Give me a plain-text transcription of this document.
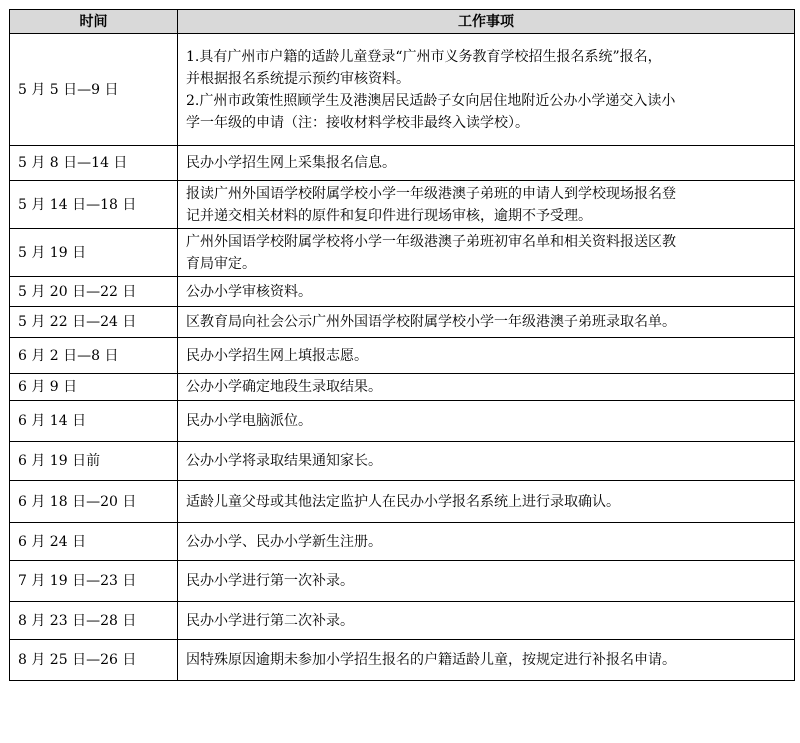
时间	工作事项
5 月 5 日—9 日	1.具有广州市户籍的适龄儿童登录“广州市义务教育学校招生报名系统”报名，
并根据报名系统提示预约审核资料。
2.广州市政策性照顾学生及港澳居民适龄子女向居住地附近公办小学递交入读小
学一年级的申请（注：接收材料学校非最终入读学校）。

5 月 8 日—14 日	民办小学招生网上采集报名信息。

5 月 14 日—18 日	报读广州外国语学校附属学校小学一年级港澳子弟班的申请人到学校现场报名登
记并递交相关材料的原件和复印件进行现场审核，逾期不予受理。

5 月 19 日	广州外国语学校附属学校将小学一年级港澳子弟班初审名单和相关资料报送区教
育局审定。

5 月 20 日—22 日	公办小学审核资料。

5 月 22 日—24 日	区教育局向社会公示广州外国语学校附属学校小学一年级港澳子弟班录取名单。

6 月 2 日—8 日	民办小学招生网上填报志愿。

6 月 9 日	公办小学确定地段生录取结果。

6 月 14 日	民办小学电脑派位。

6 月 19 日前	公办小学将录取结果通知家长。

6 月 18 日—20 日	适龄儿童父母或其他法定监护人在民办小学报名系统上进行录取确认。

6 月 24 日	公办小学、民办小学新生注册。

7 月 19 日—23 日	民办小学进行第一次补录。

8 月 23 日—28 日	民办小学进行第二次补录。

8 月 25 日—26 日	因特殊原因逾期未参加小学招生报名的户籍适龄儿童，按规定进行补报名申请。
